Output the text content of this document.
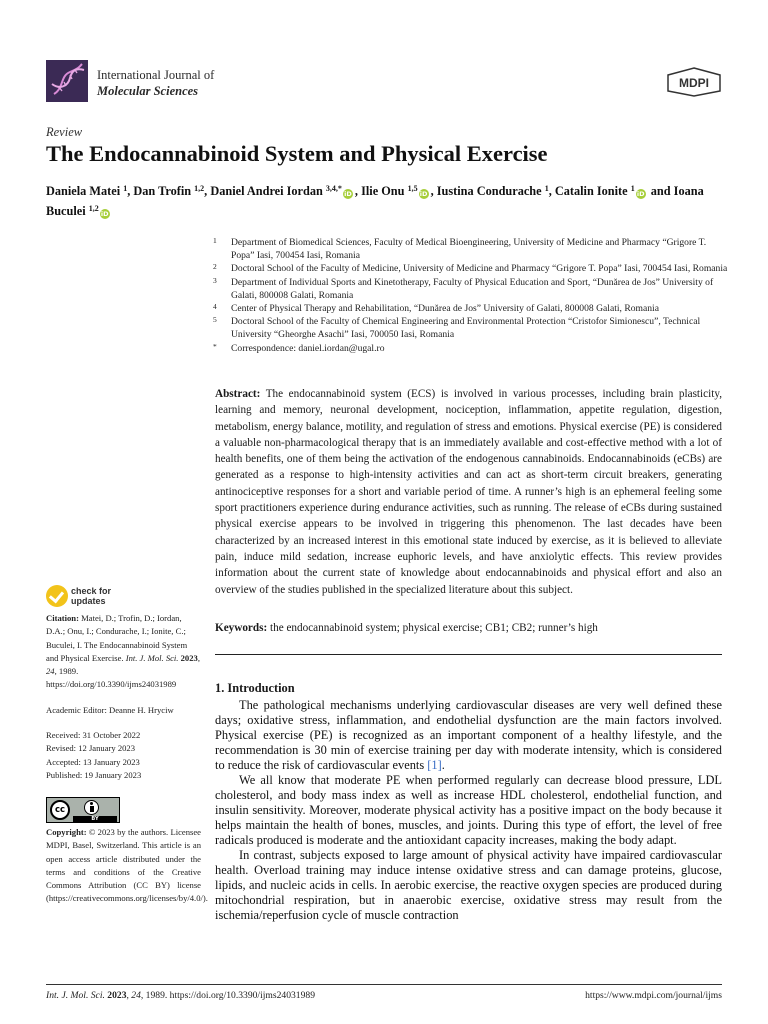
International Journal of
Molecular Sciences
MDPI
Review
The Endocannabinoid System and Physical Exercise
Daniela Matei $^1$, Dan Trofin $^{1,2}$, Daniel Andrei Iordan $^{3,4,*}$iD , Ilie Onu $^{1,5}$iD , Iustina Condurache $^1$, Catalin Ionite $^1$iD and Ioana Buculei $^{1,2}$iD
1 Department of Biomedical Sciences, Faculty of Medical Bioengineering, University of Medicine and Pharmacy “Grigore T. Popa” Iasi, 700454 Iasi, Romania
2 Doctoral School of the Faculty of Medicine, University of Medicine and Pharmacy “Grigore T. Popa” Iasi, 700454 Iasi, Romania
3 Department of Individual Sports and Kinetotherapy, Faculty of Physical Education and Sport, “Dunărea de Jos” University of Galati, 800008 Galati, Romania
4 Center of Physical Therapy and Rehabilitation, “Dunărea de Jos” University of Galati, 800008 Galati, Romania
5 Doctoral School of the Faculty of Chemical Engineering and Environmental Protection “Cristofor Simionescu”, Technical University “Gheorghe Asachi” Iasi, 700050 Iasi, Romania
* Correspondence: daniel.iordan@ugal.ro
Abstract: The endocannabinoid system (ECS) is involved in various processes, including brain plasticity, learning and memory, neuronal development, nociception, inflammation, appetite regulation, digestion, metabolism, energy balance, motility, and regulation of stress and emotions. Physical exercise (PE) is considered a valuable non-pharmacological therapy that is an immediately available and cost-effective method with a lot of health benefits, one of them being the activation of the endogenous cannabinoids. Endocannabinoids (eCBs) are generated as a response to high-intensity activities and can act as short-term circuit breakers, generating antinociceptive responses for a short and variable period of time. A runner’s high is an ephemeral feeling some sport practitioners experience during endurance activities, such as running. The release of eCBs during sustained physical exercise appears to be involved in triggering this phenomenon. The last decades have been characterized by an increased interest in this emotional state induced by exercise, as it is believed to alleviate pain, induce mild sedation, increase euphoric levels, and have anxiolytic effects. This review provides information about the current state of knowledge about endocannabinoids and physical effort and also an overview of the studies published in the specialized literature about this subject.
Keywords: the endocannabinoid system; physical exercise; CB1; CB2; runner’s high
check for
updates
Citation: Matei, D.; Trofin, D.; Iordan, D.A.; Onu, I.; Condurache, I.; Ionite, C.; Buculei, I. The Endocannabinoid System and Physical Exercise. Int. J. Mol. Sci. 2023, 24, 1989. https://doi.org/10.3390/ijms24031989
Academic Editor: Deanne H. Hryciw
Received: 31 October 2022
Revised: 12 January 2023
Accepted: 13 January 2023
Published: 19 January 2023
cc
BY
Copyright: © 2023 by the authors. Licensee MDPI, Basel, Switzerland. This article is an open access article distributed under the terms and conditions of the Creative Commons Attribution (CC BY) license (https://creativecommons.org/licenses/by/4.0/).
1. Introduction

The pathological mechanisms underlying cardiovascular diseases are very well defined these days; oxidative stress, inflammation, and endothelial dysfunction are the main factors involved. Physical exercise (PE) is recognized as an important component of a healthy lifestyle, and the recommendation is 30 min of exercise training per day with moderate intensity, which is considered to reduce the risk of cardiovascular events [1].

We all know that moderate PE when performed regularly can decrease blood pressure, LDL cholesterol, and body mass index as well as increase HDL cholesterol, endothelial function, and insulin sensitivity. Moreover, moderate physical activity has a positive impact on the body because it helps maintain the health of bones, muscles, and joints. During this type of effort, the level of free radicals produced is moderate and the antioxidant capacity increases, making the body adapt.

In contrast, subjects exposed to large amount of physical activity have impaired cardiovascular health. Overload training may induce intense oxidative stress and can damage proteins, glucose, lipids, and nucleic acids in cells. In aerobic exercise, the reactive oxygen species are produced during mitochondrial respiration, but in anaerobic exercise, oxidative stress may result from the ischemia/reperfusion cycle of muscle contraction

Int. J. Mol. Sci. 2023, 24, 1989. https://doi.org/10.3390/ijms24031989	https://www.mdpi.com/journal/ijms
